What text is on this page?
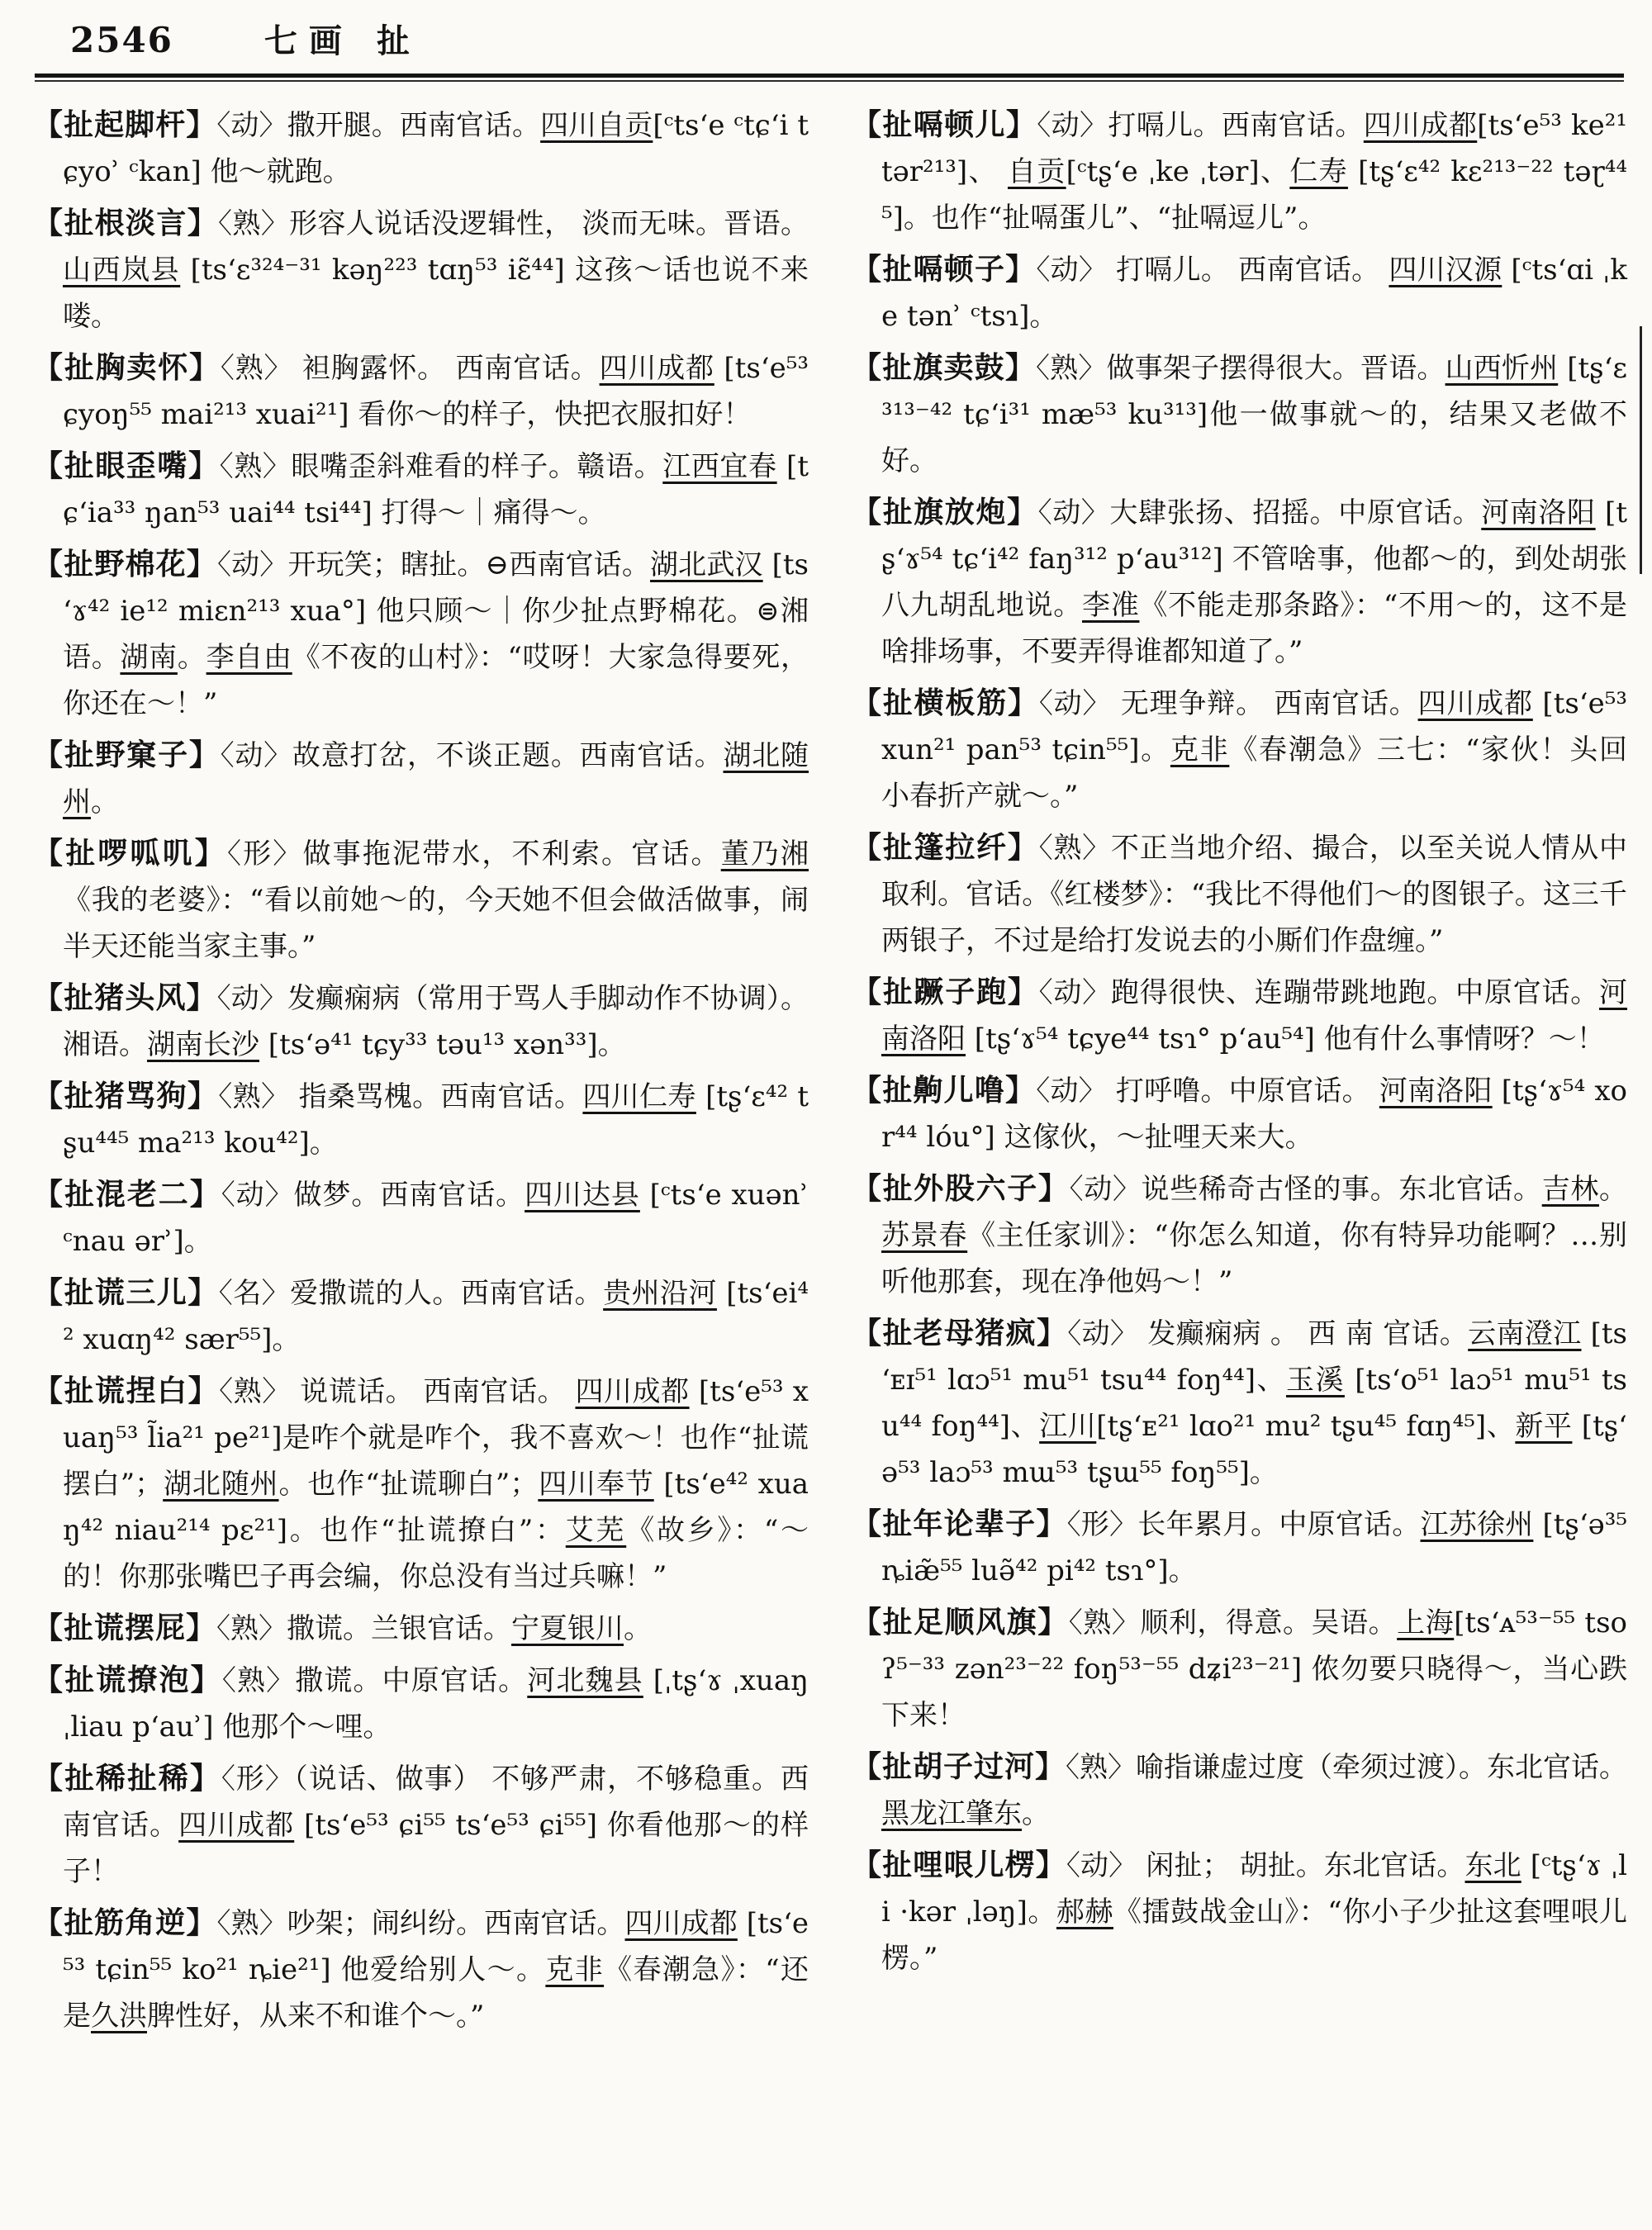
2546	七画 扯

【扯起脚杆】〈动〉撒开腿。西南官话。四川自贡[ᶜtsʻe ᶜtɕʻi tɕyoʾ ᶜkan] 他～就跑。

【扯根淡言】〈熟〉形容人说话没逻辑性， 淡而无味。晋语。山西岚县 [tsʻɛ³²⁴⁻³¹ kəŋ²²³ tɑŋ⁵³ iɛ̃⁴⁴] 这孩～话也说不来喽。

【扯胸卖怀】〈熟〉 袒胸露怀。 西南官话。四川成都 [tsʻe⁵³ ɕyoŋ⁵⁵ mai²¹³ xuai²¹] 看你～的样子，快把衣服扣好！

【扯眼歪嘴】〈熟〉眼嘴歪斜难看的样子。赣语。江西宜春 [tɕʻia³³ ŋan⁵³ uai⁴⁴ tsi⁴⁴] 打得～｜痛得～。

【扯野棉花】〈动〉开玩笑；瞎扯。⊖西南官话。湖北武汉 [tsʻɤ⁴² ie¹² miɛn²¹³ xua°] 他只顾～｜你少扯点野棉花。⊜湘语。湖南。李自由《不夜的山村》：“哎呀！大家急得要死，你还在～！”

【扯野窠子】〈动〉故意打岔，不谈正题。西南官话。湖北随州。

【扯啰呱叽】〈形〉做事拖泥带水，不利索。官话。董乃湘《我的老婆》：“看以前她～的，今天她不但会做活做事，闹半天还能当家主事。”

【扯猪头风】〈动〉发癫痫病（常用于骂人手脚动作不协调）。湘语。湖南长沙 [tsʻə⁴¹ tɕy³³ təu¹³ xən³³]。

【扯猪骂狗】〈熟〉 指桑骂槐。西南官话。四川仁寿 [tʂʻɛ⁴² tʂu⁴⁴⁵ ma²¹³ kou⁴²]。

【扯混老二】〈动〉做梦。西南官话。四川达县 [ᶜtsʻe xuənʾ ᶜnau ərʾ]。

【扯谎三儿】〈名〉爱撒谎的人。西南官话。贵州沿河 [tsʻei⁴² xuɑŋ⁴² sær⁵⁵]。

【扯谎捏白】〈熟〉 说谎话。 西南官话。 四川成都 [tsʻe⁵³ xuaŋ⁵³ l̃ia²¹ pe²¹]是咋个就是咋个，我不喜欢～！也作“扯谎摆白”；湖北随州。也作“扯谎聊白”；四川奉节 [tsʻe⁴² xuaŋ⁴² niau²¹⁴ pɛ²¹]。也作“扯谎撩白”：艾芜《故乡》：“～的！你那张嘴巴子再会编，你总没有当过兵嘛！”

【扯谎摆屁】〈熟〉撒谎。兰银官话。宁夏银川。

【扯谎撩泡】〈熟〉撒谎。中原官话。河北魏县 [ˌtʂʻɤ ˌxuaŋ ˌliau pʻauʾ] 他那个～哩。

【扯稀扯稀】〈形〉（说话、做事） 不够严肃，不够稳重。西南官话。四川成都 [tsʻe⁵³ ɕi⁵⁵ tsʻe⁵³ ɕi⁵⁵] 你看他那～的样子！

【扯筋角逆】〈熟〉吵架；闹纠纷。西南官话。四川成都 [tsʻe⁵³ tɕin⁵⁵ ko²¹ ȵie²¹] 他爱给别人～。克非《春潮急》：“还是久洪脾性好，从来不和谁个～。”

【扯嗝顿儿】〈动〉打嗝儿。西南官话。四川成都[tsʻe⁵³ ke²¹ tər²¹³]、 自贡[ᶜtʂʻe ˌke ˌtər]、仁寿 [tʂʻɛ⁴² kɛ²¹³⁻²² təɽ⁴⁴⁵]。也作“扯嗝蛋儿”、“扯嗝逗儿”。

【扯嗝顿子】〈动〉 打嗝儿。 西南官话。 四川汉源 [ᶜtsʻɑi ˌke tənʾ ᶜtsɿ]。

【扯旗卖鼓】〈熟〉做事架子摆得很大。晋语。山西忻州 [tʂʻɛ³¹³⁻⁴² tɕʻi³¹ mæ⁵³ ku³¹³]他一做事就～的，结果又老做不好。

【扯旗放炮】〈动〉大肆张扬、招摇。中原官话。河南洛阳 [tʂʻɤ⁵⁴ tɕʻi⁴² faŋ³¹² pʻau³¹²] 不管啥事，他都～的，到处胡张八九胡乱地说。李准《不能走那条路》：“不用～的，这不是啥排场事，不要弄得谁都知道了。”

【扯横板筋】〈动〉 无理争辩。 西南官话。四川成都 [tsʻe⁵³ xun²¹ pan⁵³ tɕin⁵⁵]。克非《春潮急》三七：“家伙！头回小春折产就～。”

【扯篷拉纤】〈熟〉不正当地介绍、撮合，以至关说人情从中取利。官话。《红楼梦》：“我比不得他们～的图银子。这三千两银子，不过是给打发说去的小厮们作盘缠。”

【扯蹶子跑】〈动〉跑得很快、连蹦带跳地跑。中原官话。河南洛阳 [tʂʻɤ⁵⁴ tɕye⁴⁴ tsɿ° pʻau⁵⁴] 他有什么事情呀？～！

【扯齁儿噜】〈动〉 打呼噜。中原官话。 河南洛阳 [tʂʻɤ⁵⁴ xor⁴⁴ lóu°] 这傢伙，～扯哩天来大。

【扯外股六子】〈动〉说些稀奇古怪的事。东北官话。吉林。苏景春《主任家训》：“你怎么知道，你有特异功能啊？…别听他那套，现在净他妈～！”

【扯老母猪疯】〈动〉 发癫痫病 。 西 南 官话。云南澄江 [tsʻᴇɪ⁵¹ lɑɔ⁵¹ mu⁵¹ tsu⁴⁴ foŋ⁴⁴]、玉溪 [tsʻo⁵¹ laɔ⁵¹ mu⁵¹ tsu⁴⁴ foŋ⁴⁴]、江川[tʂʻᴇ²¹ lɑo²¹ mu² tʂu⁴⁵ fɑŋ⁴⁵]、新平 [tʂʻə⁵³ laɔ⁵³ mɯ⁵³ tʂɯ⁵⁵ foŋ⁵⁵]。

【扯年论辈子】〈形〉长年累月。中原官话。江苏徐州 [tʂʻə³⁵ ȵiæ̃⁵⁵ luə̃⁴² pi⁴² tsɿ°]。

【扯足顺风旗】〈熟〉顺利，得意。吴语。上海[tsʻᴀ⁵³⁻⁵⁵ tsoʔ⁵⁻³³ zən²³⁻²² foŋ⁵³⁻⁵⁵ dʑi²³⁻²¹] 侬勿要只晓得～，当心跌下来！

【扯胡子过河】〈熟〉喻指谦虚过度（牵须过渡）。东北官话。黑龙江肇东。

【扯哩哏儿楞】〈动〉 闲扯； 胡扯。东北官话。东北 [ᶜtʂʻɤ ˌli ·kər ˌləŋ]。郝赫《擂鼓战金山》：“你小子少扯这套哩哏儿楞。”
